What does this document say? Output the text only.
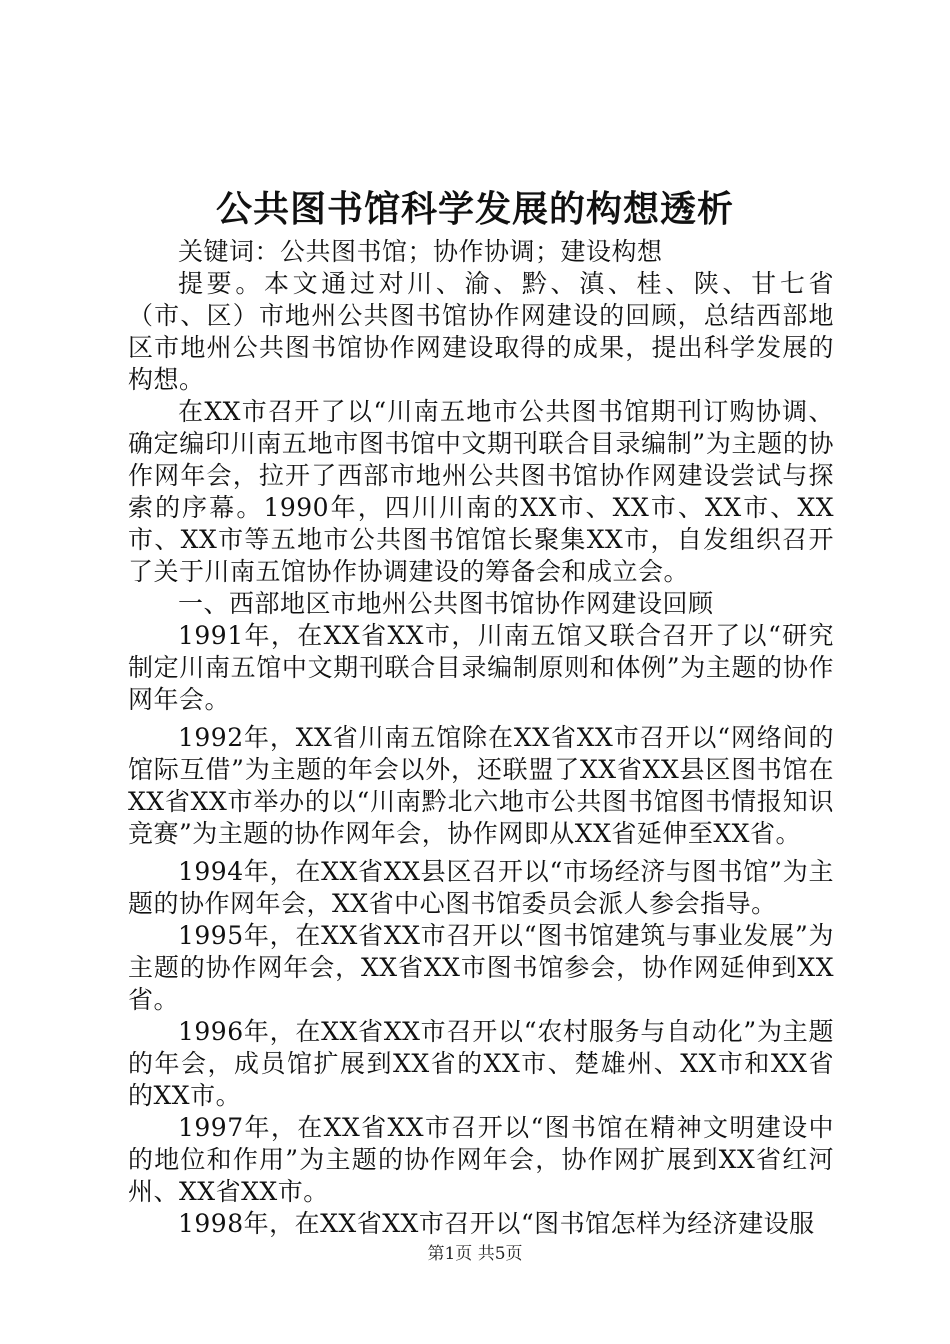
公共图书馆科学发展的构想透析

关键词：公共图书馆；协作协调；建设构想

提要。本文通过对川、渝、黔、滇、桂、陕、甘七省（市、区）市地州公共图书馆协作网建设的回顾，总结西部地区市地州公共图书馆协作网建设取得的成果，提出科学发展的构想。

在XX市召开了以“川南五地市公共图书馆期刊订购协调、确定编印川南五地市图书馆中文期刊联合目录编制”为主题的协作网年会，拉开了西部市地州公共图书馆协作网建设尝试与探索的序幕。1990年，四川川南的XX市、XX市、XX市、XX市、XX市等五地市公共图书馆馆长聚集XX市，自发组织召开了关于川南五馆协作协调建设的筹备会和成立会。

一、西部地区市地州公共图书馆协作网建设回顾

1991年，在XX省XX市，川南五馆又联合召开了以“研究制定川南五馆中文期刊联合目录编制原则和体例”为主题的协作网年会。

1992年，XX省川南五馆除在XX省XX市召开以“网络间的馆际互借”为主题的年会以外，还联盟了XX省XX县区图书馆在XX省XX市举办的以“川南黔北六地市公共图书馆图书情报知识竞赛”为主题的协作网年会，协作网即从XX省延伸至XX省。

1994年，在XX省XX县区召开以“市场经济与图书馆”为主题的协作网年会，XX省中心图书馆委员会派人参会指导。

1995年，在XX省XX市召开以“图书馆建筑与事业发展”为主题的协作网年会，XX省XX市图书馆参会，协作网延伸到XX省。

1996年，在XX省XX市召开以“农村服务与自动化”为主题的年会，成员馆扩展到XX省的XX市、楚雄州、XX市和XX省的XX市。

1997年，在XX省XX市召开以“图书馆在精神文明建设中的地位和作用”为主题的协作网年会，协作网扩展到XX省红河州、XX省XX市。

1998年，在XX省XX市召开以“图书馆怎样为经济建设服

第1页 共5页
